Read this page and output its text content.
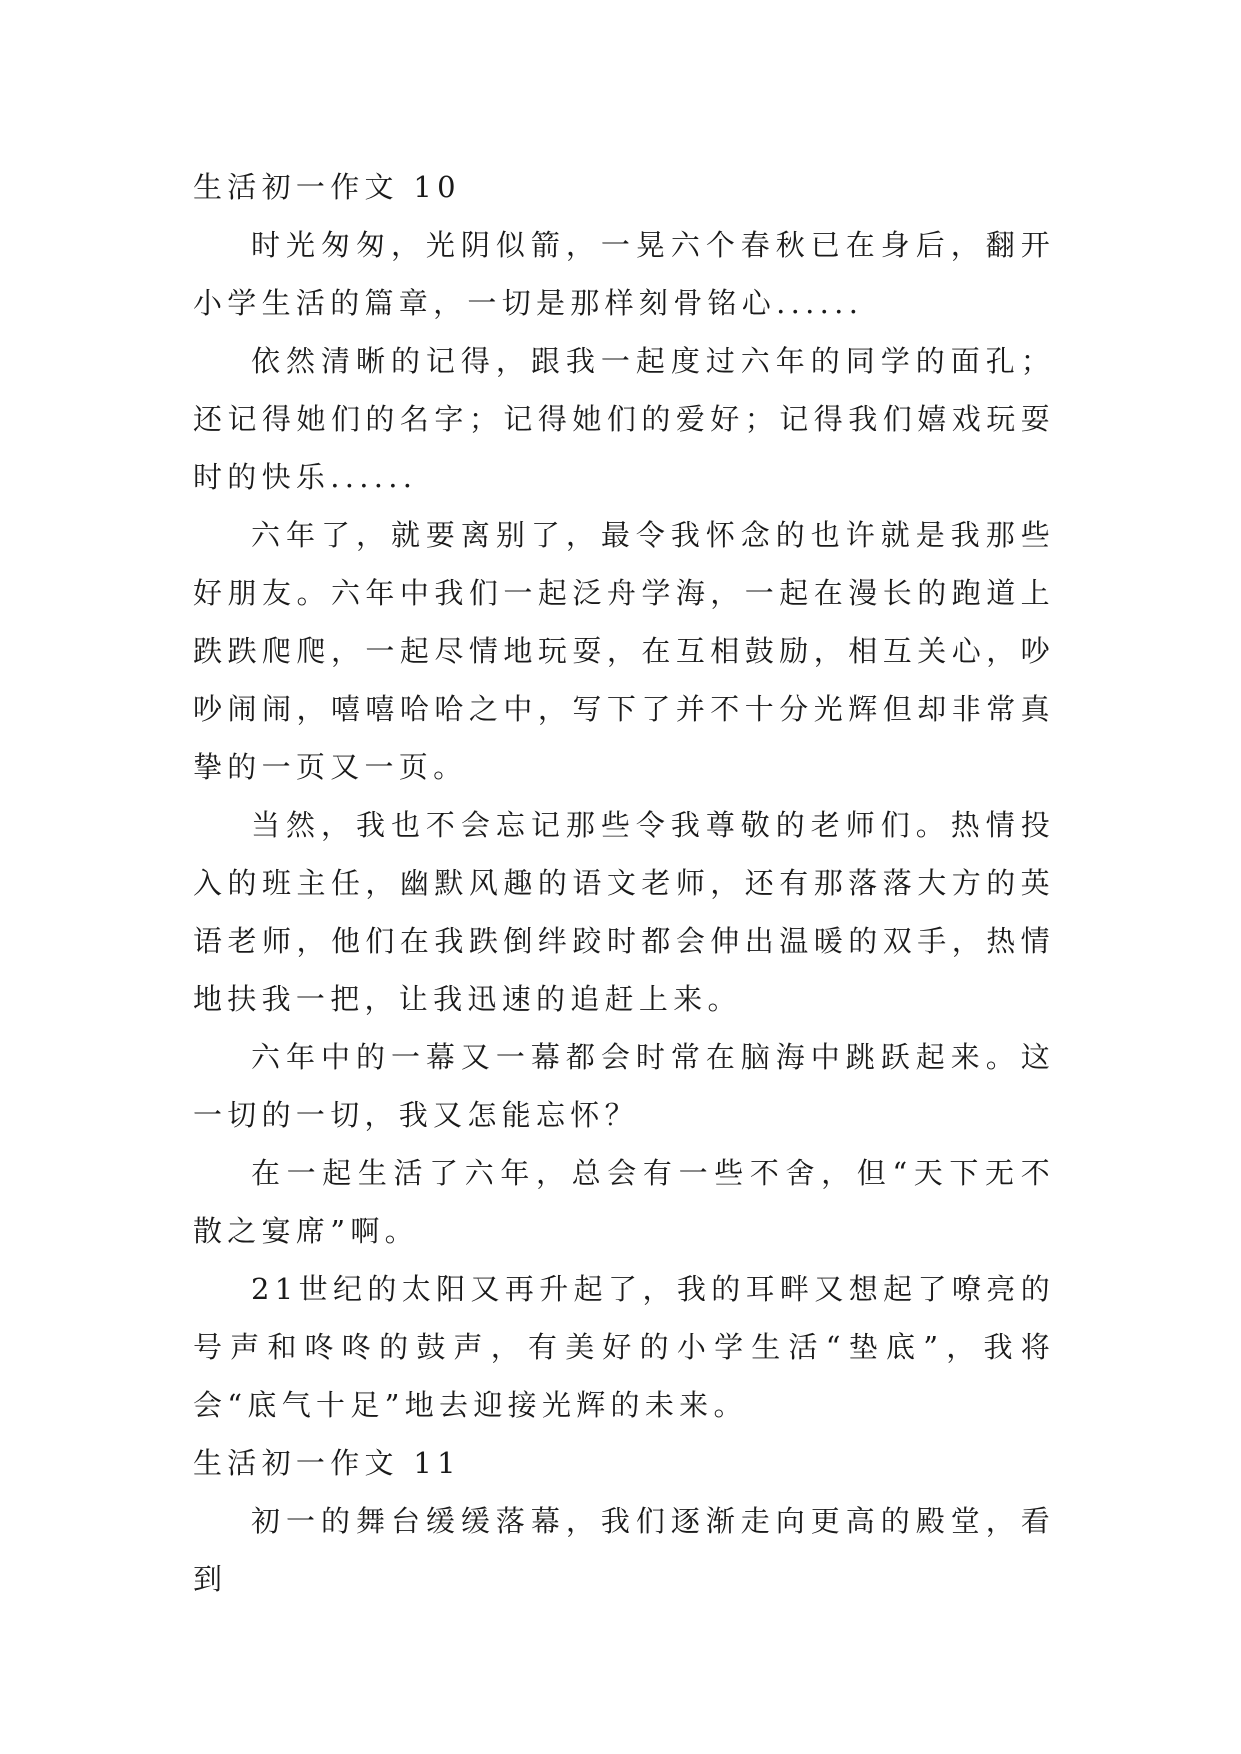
生活初一作文 10

时光匆匆，光阴似箭，一晃六个春秋已在身后，翻开小学生活的篇章，一切是那样刻骨铭心......

依然清晰的记得，跟我一起度过六年的同学的面孔；还记得她们的名字；记得她们的爱好；记得我们嬉戏玩耍时的快乐......

六年了，就要离别了，最令我怀念的也许就是我那些好朋友。六年中我们一起泛舟学海，一起在漫长的跑道上跌跌爬爬，一起尽情地玩耍，在互相鼓励，相互关心，吵吵闹闹，嘻嘻哈哈之中，写下了并不十分光辉但却非常真挚的一页又一页。

当然，我也不会忘记那些令我尊敬的老师们。热情投入的班主任，幽默风趣的语文老师，还有那落落大方的英语老师，他们在我跌倒绊跤时都会伸出温暖的双手，热情地扶我一把，让我迅速的追赶上来。

六年中的一幕又一幕都会时常在脑海中跳跃起来。这一切的一切，我又怎能忘怀？

在一起生活了六年，总会有一些不舍，但“天下无不散之宴席”啊。

21世纪的太阳又再升起了，我的耳畔又想起了嘹亮的号声和咚咚的鼓声，有美好的小学生活“垫底”，我将会“底气十足”地去迎接光辉的未来。

生活初一作文 11

初一的舞台缓缓落幕，我们逐渐走向更高的殿堂，看到
